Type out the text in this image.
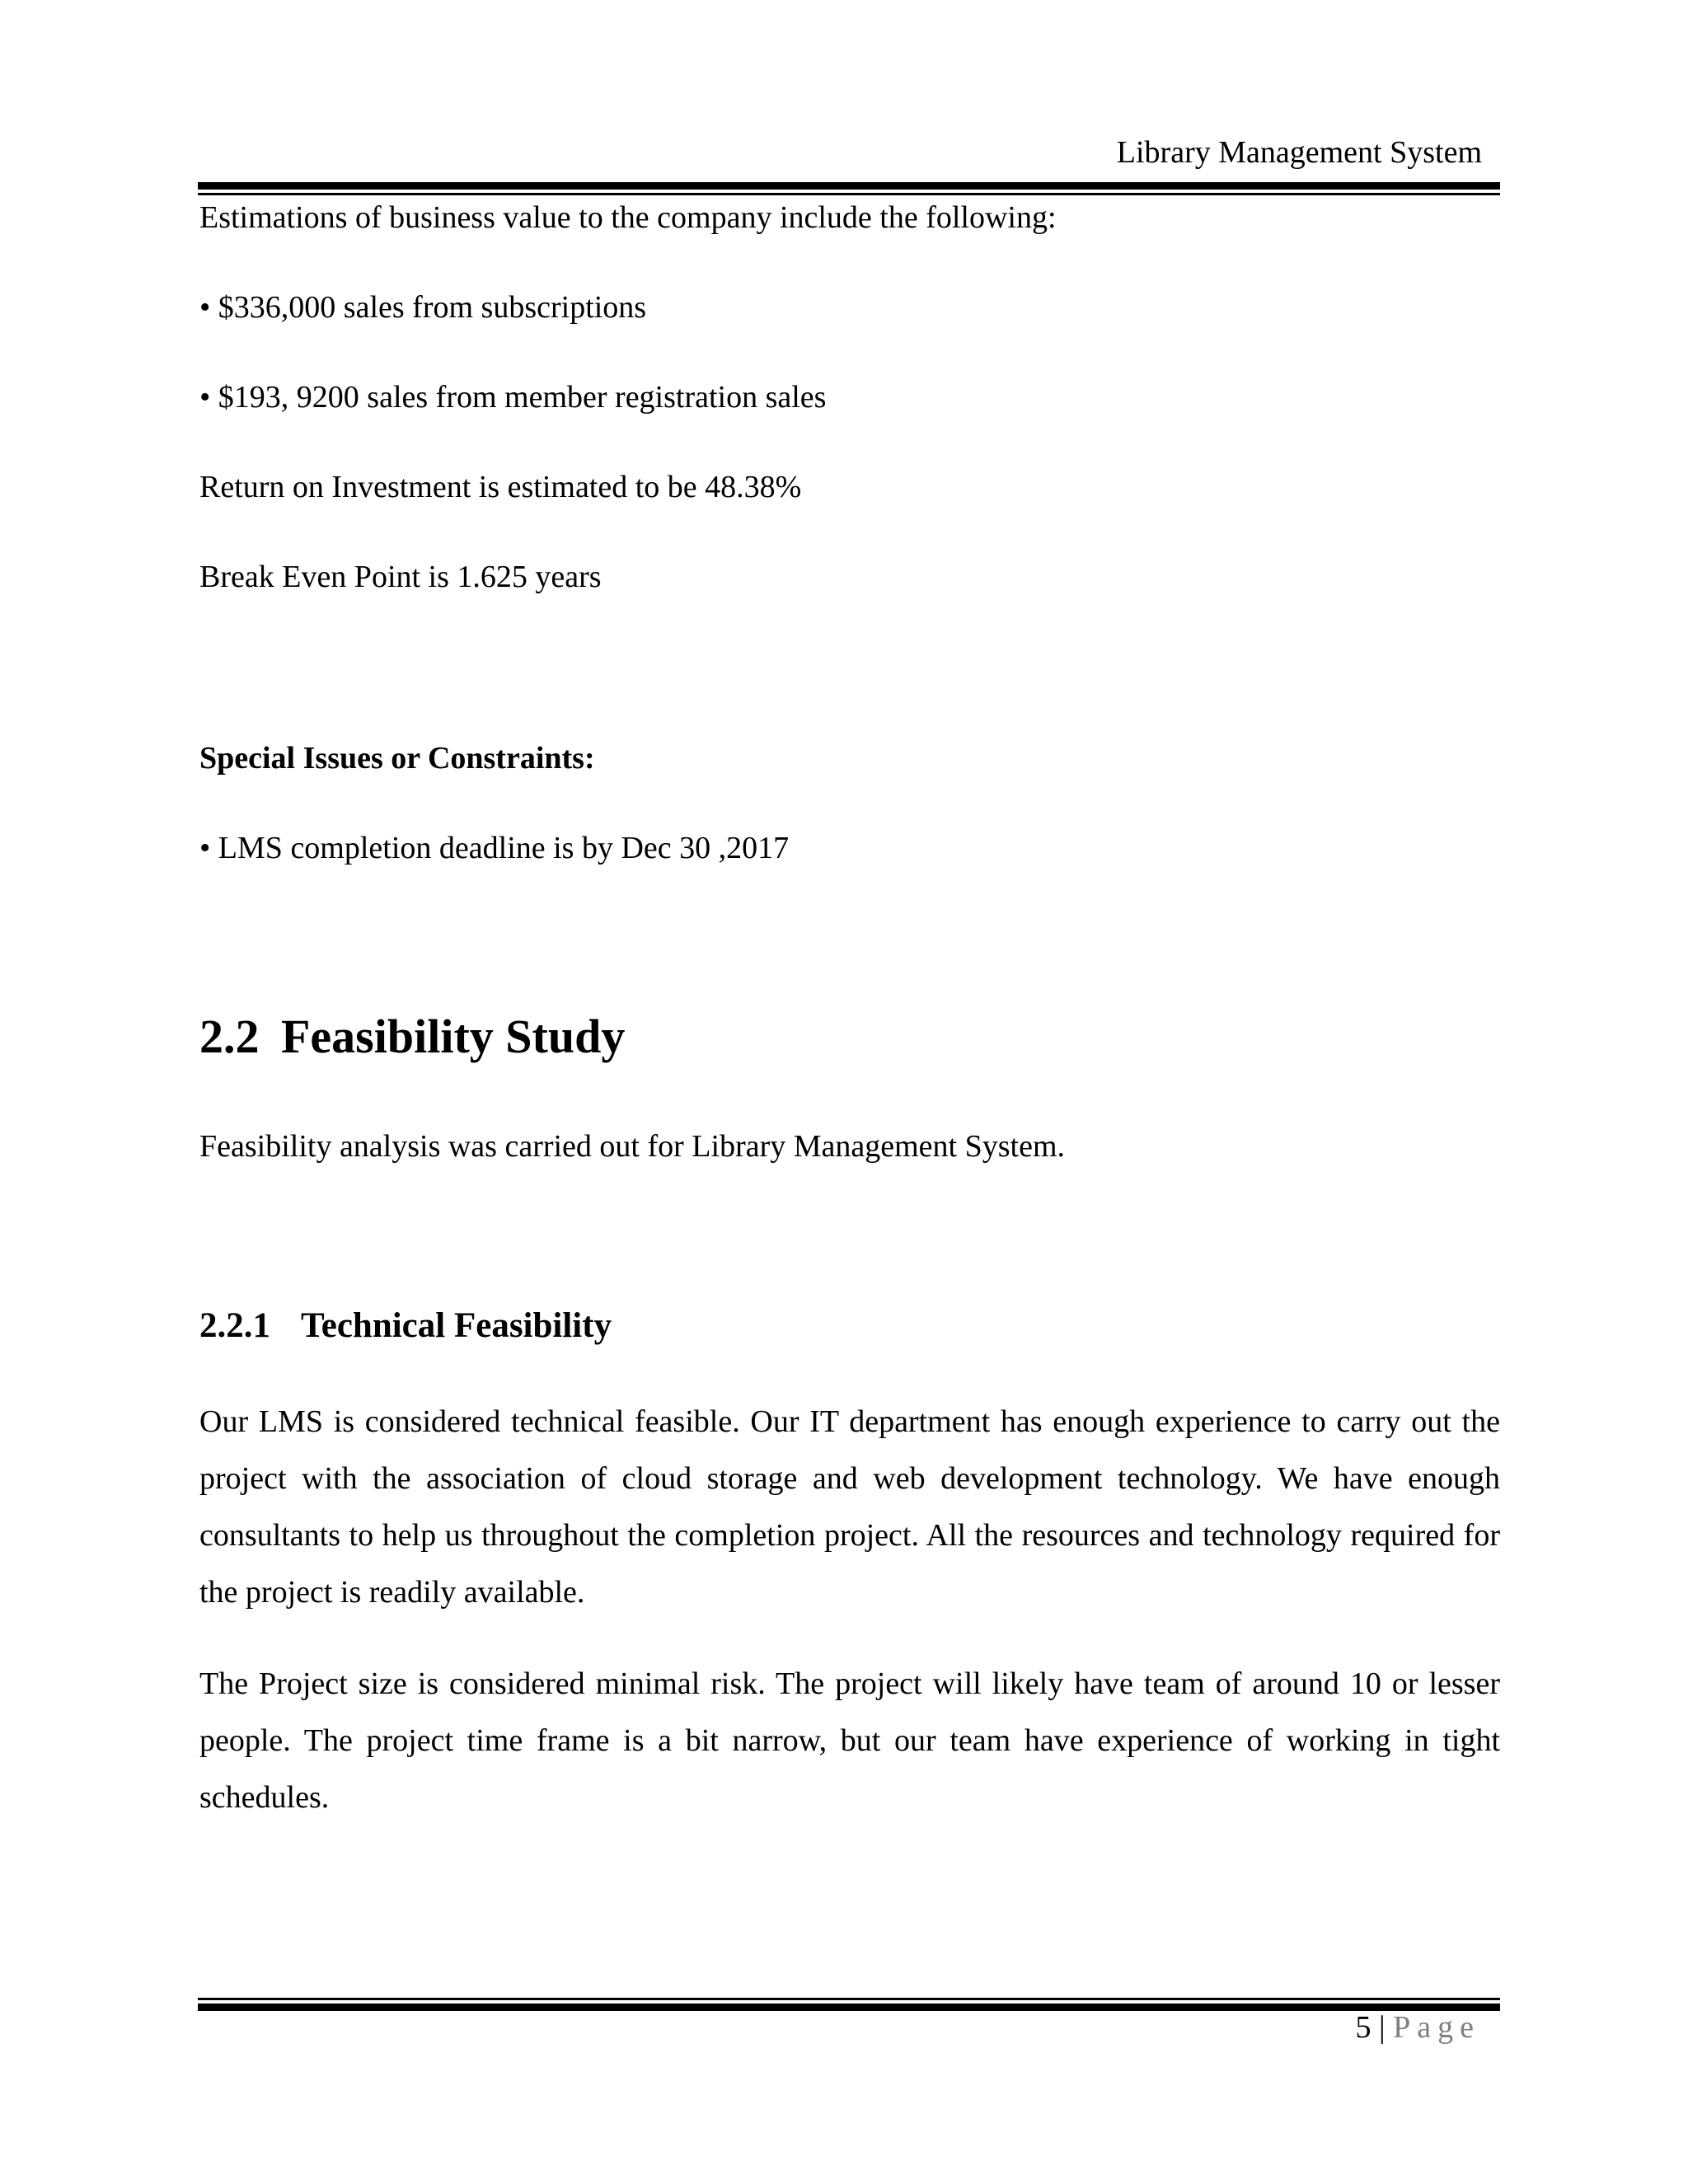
Library Management System
Estimations of business value to the company include the following:
• $336,000 sales from subscriptions
• $193, 9200 sales from member registration sales
Return on Investment is estimated to be 48.38%
Break Even Point is 1.625 years
Special Issues or Constraints:
• LMS completion deadline is by Dec 30 ,2017
2.2 Feasibility Study
Feasibility analysis was carried out for Library Management System.
2.2.1 Technical Feasibility
Our LMS is considered technical feasible. Our IT department has enough experience to carry out the project with the association of cloud storage and web development technology. We have enough consultants to help us throughout the completion project. All the resources and technology required for the project is readily available.
The Project size is considered minimal risk. The project will likely have team of around 10 or lesser people. The project time frame is a bit narrow, but our team have experience of working in tight schedules.
5 | Page
